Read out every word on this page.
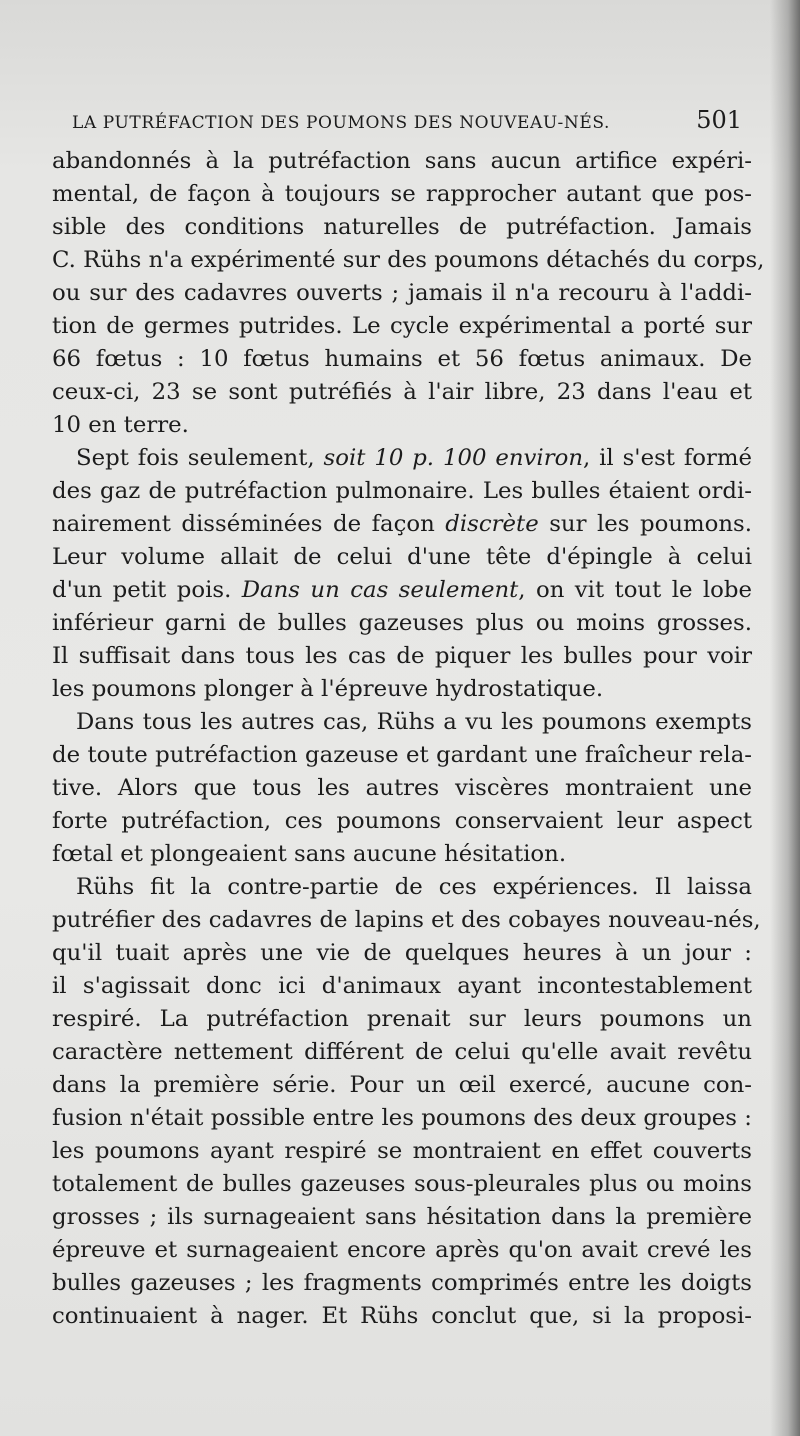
LA PUTRÉFACTION DES POUMONS DES NOUVEAU-NÉS.	501
abandonnés à la putréfaction sans aucun artifice expéri-
mental, de façon à toujours se rapprocher autant que pos-
sible des conditions naturelles de putréfaction. Jamais
C. Rühs n'a expérimenté sur des poumons détachés du corps,
ou sur des cadavres ouverts ; jamais il n'a recouru à l'addi-
tion de germes putrides. Le cycle expérimental a porté sur
66 fœtus : 10 fœtus humains et 56 fœtus animaux. De
ceux-ci, 23 se sont putréfiés à l'air libre, 23 dans l'eau et
10 en terre.
Sept fois seulement, soit 10 p. 100 environ, il s'est formé
des gaz de putréfaction pulmonaire. Les bulles étaient ordi-
nairement disséminées de façon discrète sur les poumons.
Leur volume allait de celui d'une tête d'épingle à celui
d'un petit pois. Dans un cas seulement, on vit tout le lobe
inférieur garni de bulles gazeuses plus ou moins grosses.
Il suffisait dans tous les cas de piquer les bulles pour voir
les poumons plonger à l'épreuve hydrostatique.
Dans tous les autres cas, Rühs a vu les poumons exempts
de toute putréfaction gazeuse et gardant une fraîcheur rela-
tive. Alors que tous les autres viscères montraient une
forte putréfaction, ces poumons conservaient leur aspect
fœtal et plongeaient sans aucune hésitation.
Rühs fit la contre-partie de ces expériences. Il laissa
putréfier des cadavres de lapins et des cobayes nouveau-nés,
qu'il tuait après une vie de quelques heures à un jour :
il s'agissait donc ici d'animaux ayant incontestablement
respiré. La putréfaction prenait sur leurs poumons un
caractère nettement différent de celui qu'elle avait revêtu
dans la première série. Pour un œil exercé, aucune con-
fusion n'était possible entre les poumons des deux groupes :
les poumons ayant respiré se montraient en effet couverts
totalement de bulles gazeuses sous-pleurales plus ou moins
grosses ; ils surnageaient sans hésitation dans la première
épreuve et surnageaient encore après qu'on avait crevé les
bulles gazeuses ; les fragments comprimés entre les doigts
continuaient à nager. Et Rühs conclut que, si la proposi-
